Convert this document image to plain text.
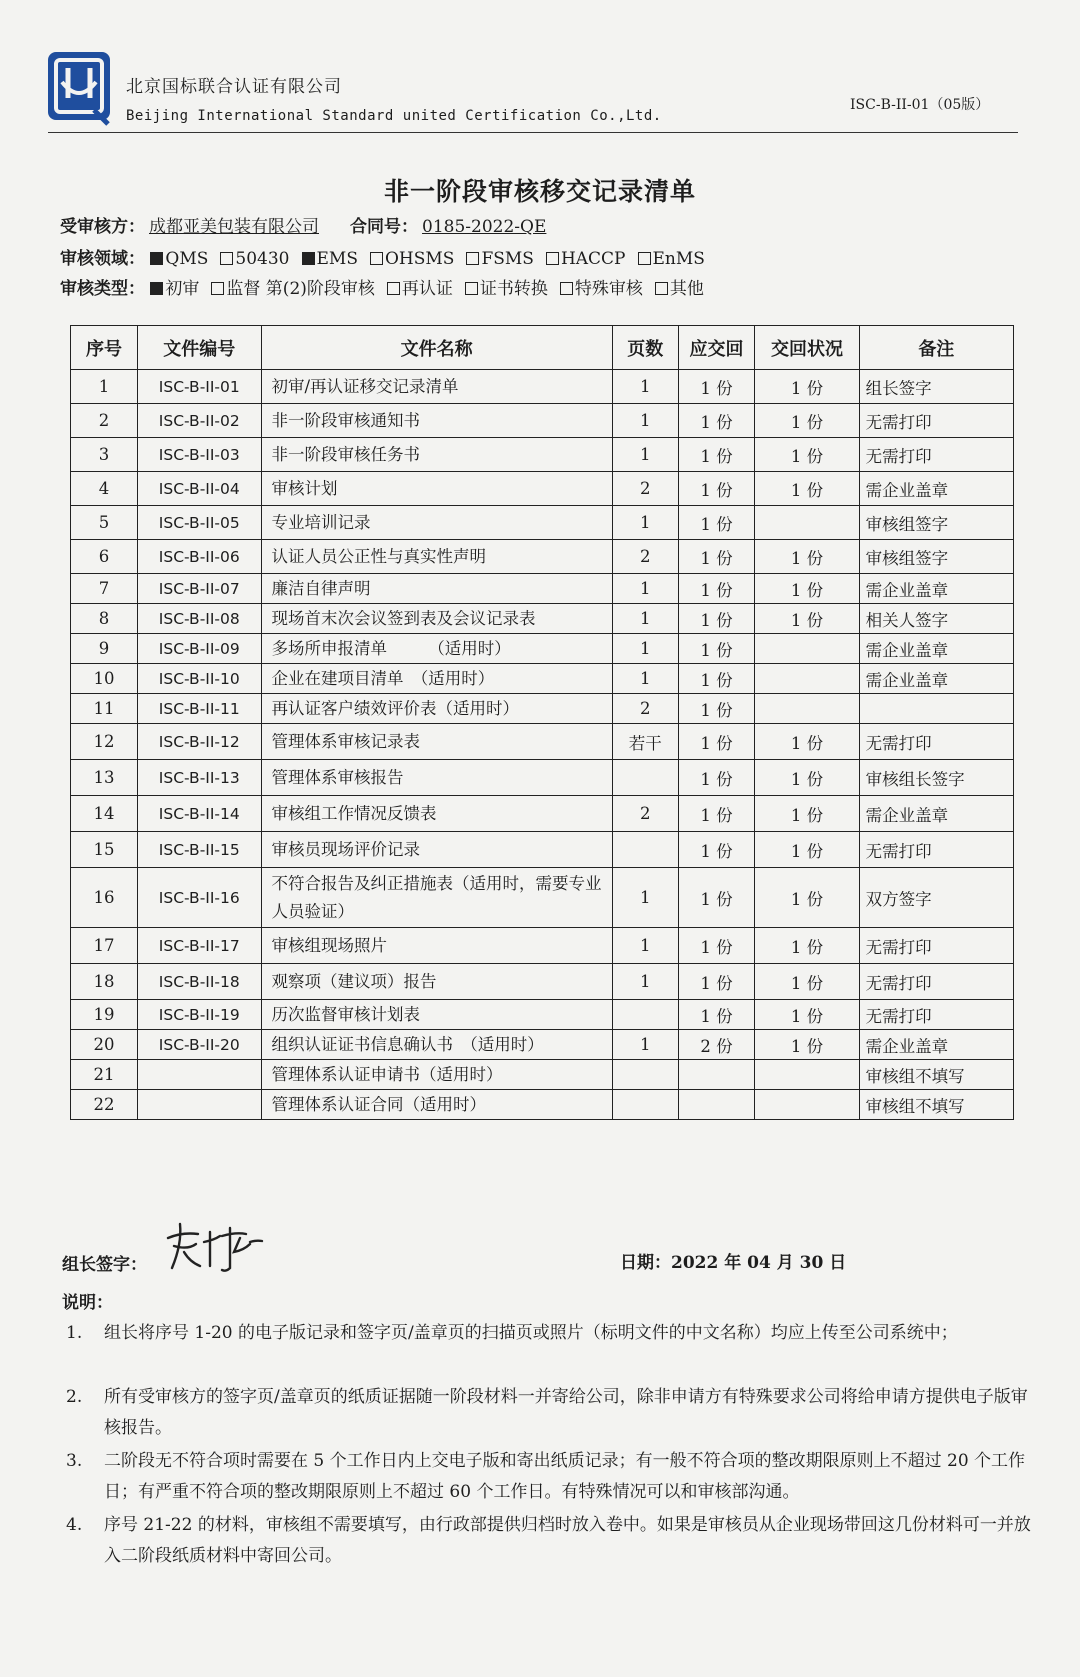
北京国标联合认证有限公司
Beijing International Standard united Certification Co.,Ltd.
ISC-B-II-01（05版）
非一阶段审核移交记录清单
受审核方： 成都亚美包装有限公司 合同号： 0185-2022-QE
审核领域： QMS 50430 EMS OHSMS FSMS HACCP EnMS
审核类型： 初审 监督 第(2)阶段审核 再认证 证书转换 特殊审核 其他
序号	文件编号	文件名称	页数	应交回	交回状况	备注
1	ISC-B-II-01	初审/再认证移交记录清单	1	1 份	1 份	组长签字
2	ISC-B-II-02	非一阶段审核通知书	1	1 份	1 份	无需打印
3	ISC-B-II-03	非一阶段审核任务书	1	1 份	1 份	无需打印
4	ISC-B-II-04	审核计划	2	1 份	1 份	需企业盖章
5	ISC-B-II-05	专业培训记录	1	1 份		审核组签字
6	ISC-B-II-06	认证人员公正性与真实性声明	2	1 份	1 份	审核组签字
7	ISC-B-II-07	廉洁自律声明	1	1 份	1 份	需企业盖章
8	ISC-B-II-08	现场首末次会议签到表及会议记录表	1	1 份	1 份	相关人签字
9	ISC-B-II-09	多场所申报清单　　　（适用时）	1	1 份		需企业盖章
10	ISC-B-II-10	企业在建项目清单　（适用时）	1	1 份		需企业盖章
11	ISC-B-II-11	再认证客户绩效评价表（适用时）	2	1 份		
12	ISC-B-II-12	管理体系审核记录表	若干	1 份	1 份	无需打印
13	ISC-B-II-13	管理体系审核报告		1 份	1 份	审核组长签字
14	ISC-B-II-14	审核组工作情况反馈表	2	1 份	1 份	需企业盖章
15	ISC-B-II-15	审核员现场评价记录		1 份	1 份	无需打印
16	ISC-B-II-16	不符合报告及纠正措施表（适用时，需要专业人员验证）	1	1 份	1 份	双方签字
17	ISC-B-II-17	审核组现场照片	1	1 份	1 份	无需打印
18	ISC-B-II-18	观察项（建议项）报告	1	1 份	1 份	无需打印
19	ISC-B-II-19	历次监督审核计划表		1 份	1 份	无需打印
20	ISC-B-II-20	组织认证证书信息确认书　（适用时）	1	2 份	1 份	需企业盖章
21		管理体系认证申请书（适用时）				审核组不填写
22		管理体系认证合同（适用时）				审核组不填写
组长签字：	日期：2022 年 04 月 30 日
说明：
1. 组长将序号 1-20 的电子版记录和签字页/盖章页的扫描页或照片（标明文件的中文名称）均应上传至公司系统中；
2. 所有受审核方的签字页/盖章页的纸质证据随一阶段材料一并寄给公司，除非申请方有特殊要求公司将给申请方提供电子版审核报告。
3. 二阶段无不符合项时需要在 5 个工作日内上交电子版和寄出纸质记录；有一般不符合项的整改期限原则上不超过 20 个工作日；有严重不符合项的整改期限原则上不超过 60 个工作日。有特殊情况可以和审核部沟通。
4. 序号 21-22 的材料，审核组不需要填写，由行政部提供归档时放入卷中。如果是审核员从企业现场带回这几份材料可一并放入二阶段纸质材料中寄回公司。
